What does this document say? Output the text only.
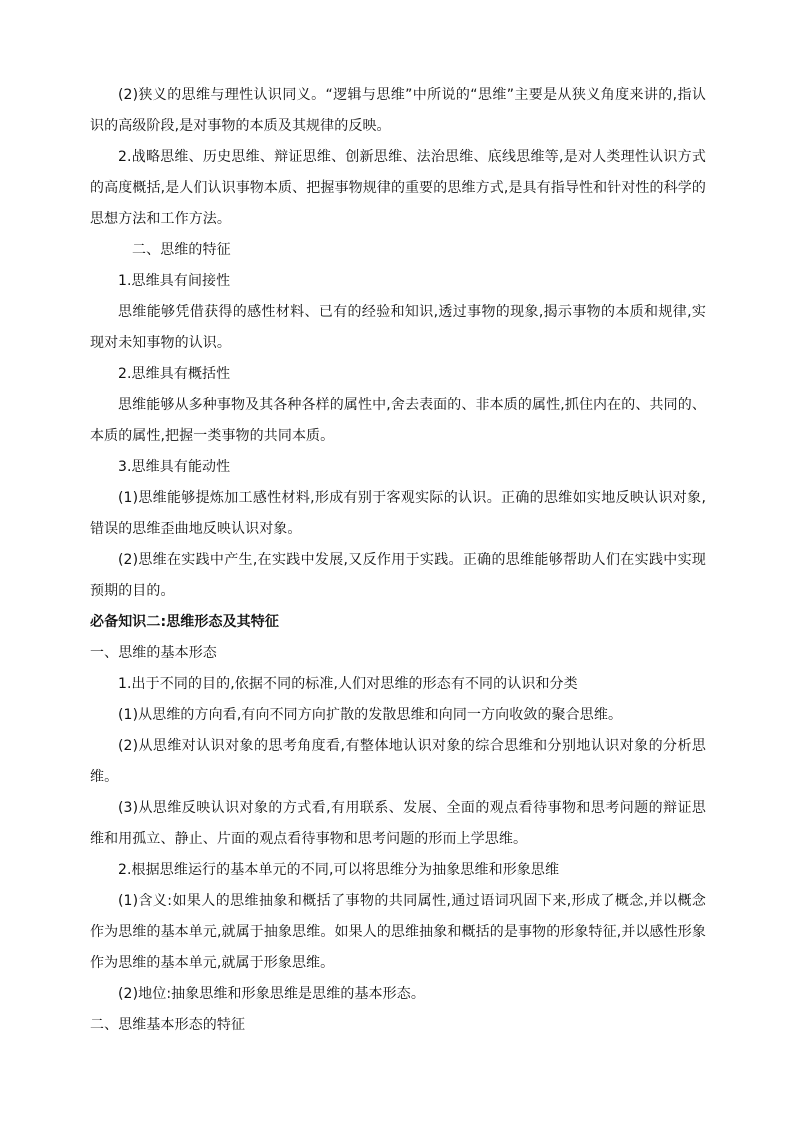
(2)狭义的思维与理性认识同义。“逻辑与思维”中所说的“思维”主要是从狭义角度来讲的,指认识的高级阶段,是对事物的本质及其规律的反映。

2.战略思维、历史思维、辩证思维、创新思维、法治思维、底线思维等,是对人类理性认识方式的高度概括,是人们认识事物本质、把握事物规律的重要的思维方式,是具有指导性和针对性的科学的思想方法和工作方法。

二、思维的特征

1.思维具有间接性

思维能够凭借获得的感性材料、已有的经验和知识,透过事物的现象,揭示事物的本质和规律,实现对未知事物的认识。

2.思维具有概括性

思维能够从多种事物及其各种各样的属性中,舍去表面的、非本质的属性,抓住内在的、共同的、本质的属性,把握一类事物的共同本质。

3.思维具有能动性

(1)思维能够提炼加工感性材料,形成有别于客观实际的认识。正确的思维如实地反映认识对象,错误的思维歪曲地反映认识对象。

(2)思维在实践中产生,在实践中发展,又反作用于实践。正确的思维能够帮助人们在实践中实现预期的目的。

必备知识二:思维形态及其特征

一、思维的基本形态

1.出于不同的目的,依据不同的标准,人们对思维的形态有不同的认识和分类

(1)从思维的方向看,有向不同方向扩散的发散思维和向同一方向收敛的聚合思维。

(2)从思维对认识对象的思考角度看,有整体地认识对象的综合思维和分别地认识对象的分析思维。

(3)从思维反映认识对象的方式看,有用联系、发展、全面的观点看待事物和思考问题的辩证思维和用孤立、静止、片面的观点看待事物和思考问题的形而上学思维。

2.根据思维运行的基本单元的不同,可以将思维分为抽象思维和形象思维

(1)含义:如果人的思维抽象和概括了事物的共同属性,通过语词巩固下来,形成了概念,并以概念作为思维的基本单元,就属于抽象思维。如果人的思维抽象和概括的是事物的形象特征,并以感性形象作为思维的基本单元,就属于形象思维。

(2)地位:抽象思维和形象思维是思维的基本形态。

二、思维基本形态的特征
